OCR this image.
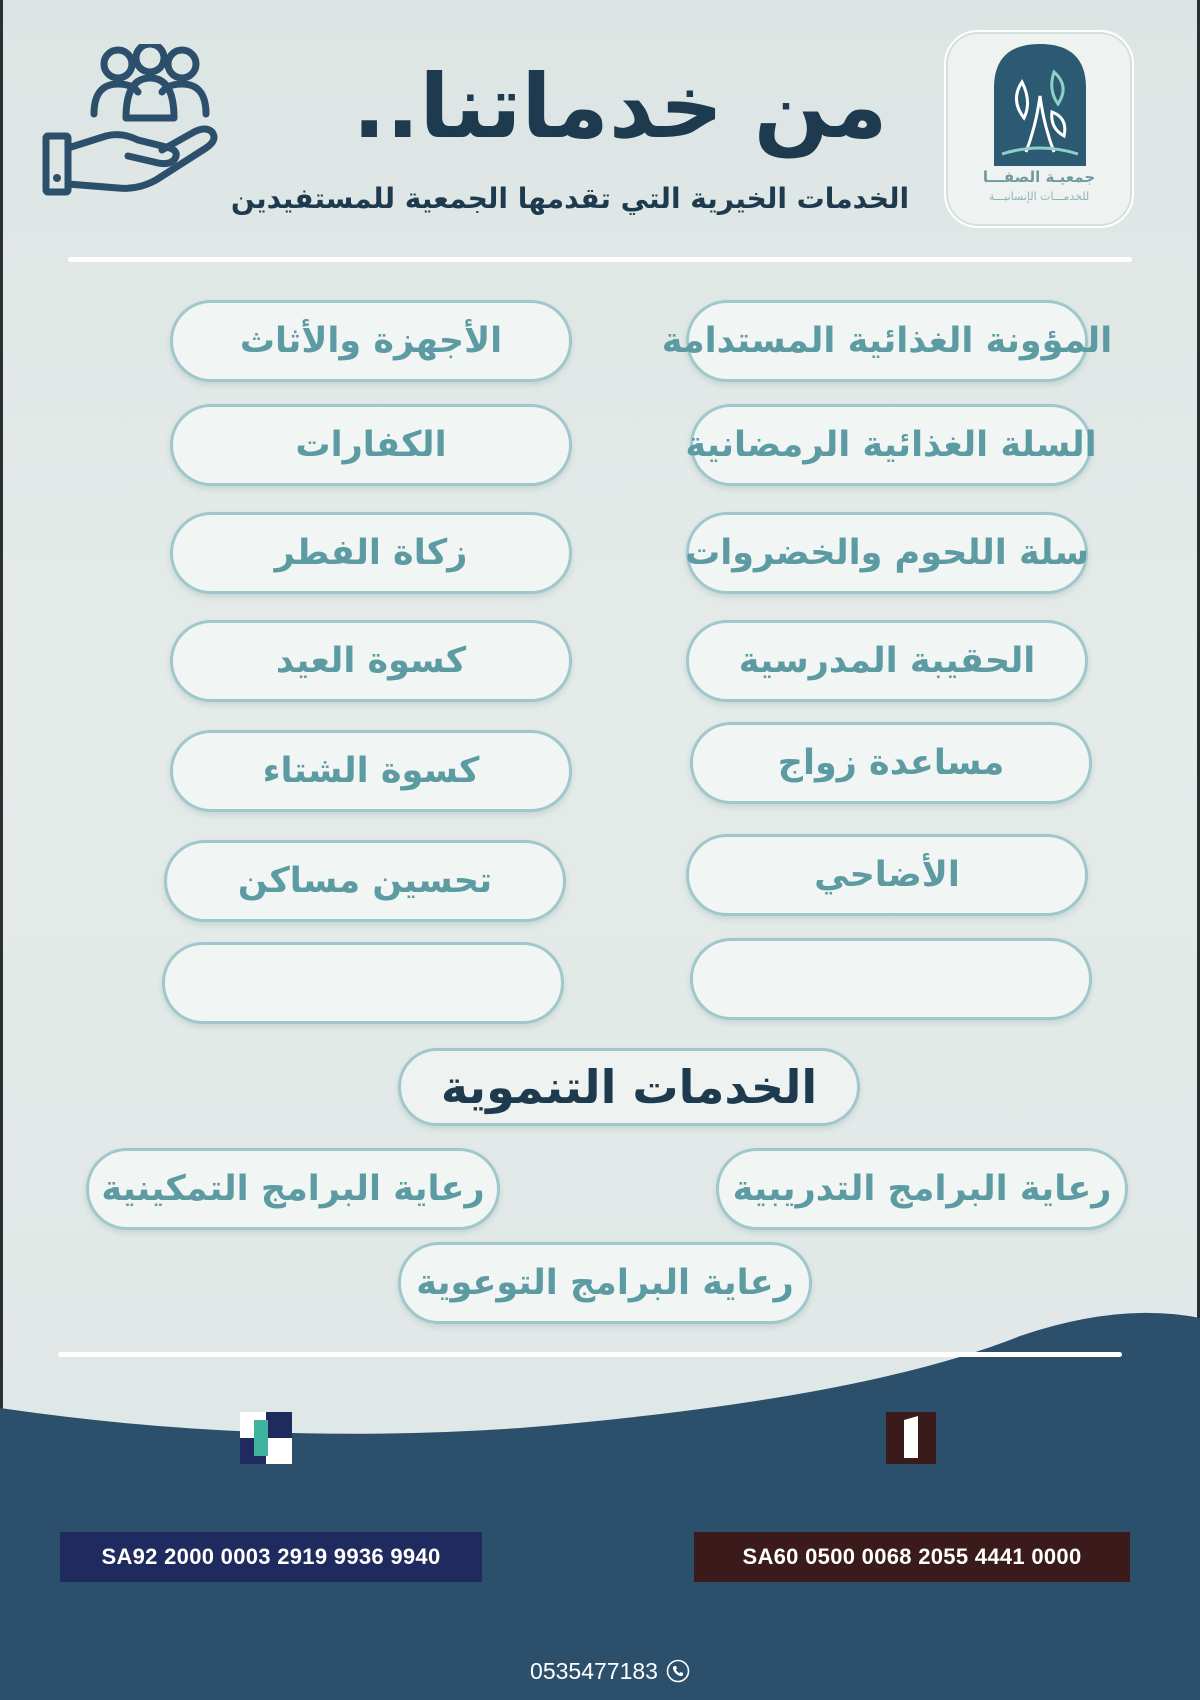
جمعيـة الصفـــا
للخدمـــات الإنسانيـــة
من خدماتنا..
الخدمات الخيرية التي تقدمها الجمعية للمستفيدين
المؤونة الغذائية المستدامة
السلة الغذائية الرمضانية
سلة اللحوم والخضروات
الحقيبة المدرسية
مساعدة زواج
الأضاحي
الأجهزة والأثاث
الكفارات
زكاة الفطر
كسوة العيد
كسوة الشتاء
تحسين مساكن
الخدمات التنموية
رعاية البرامج التدريبية
رعاية البرامج التمكينية
رعاية البرامج التوعوية
SA92 2000 0003 2919 9936 9940	SA60 0500 0068 2055 4441 0000
0535477183
